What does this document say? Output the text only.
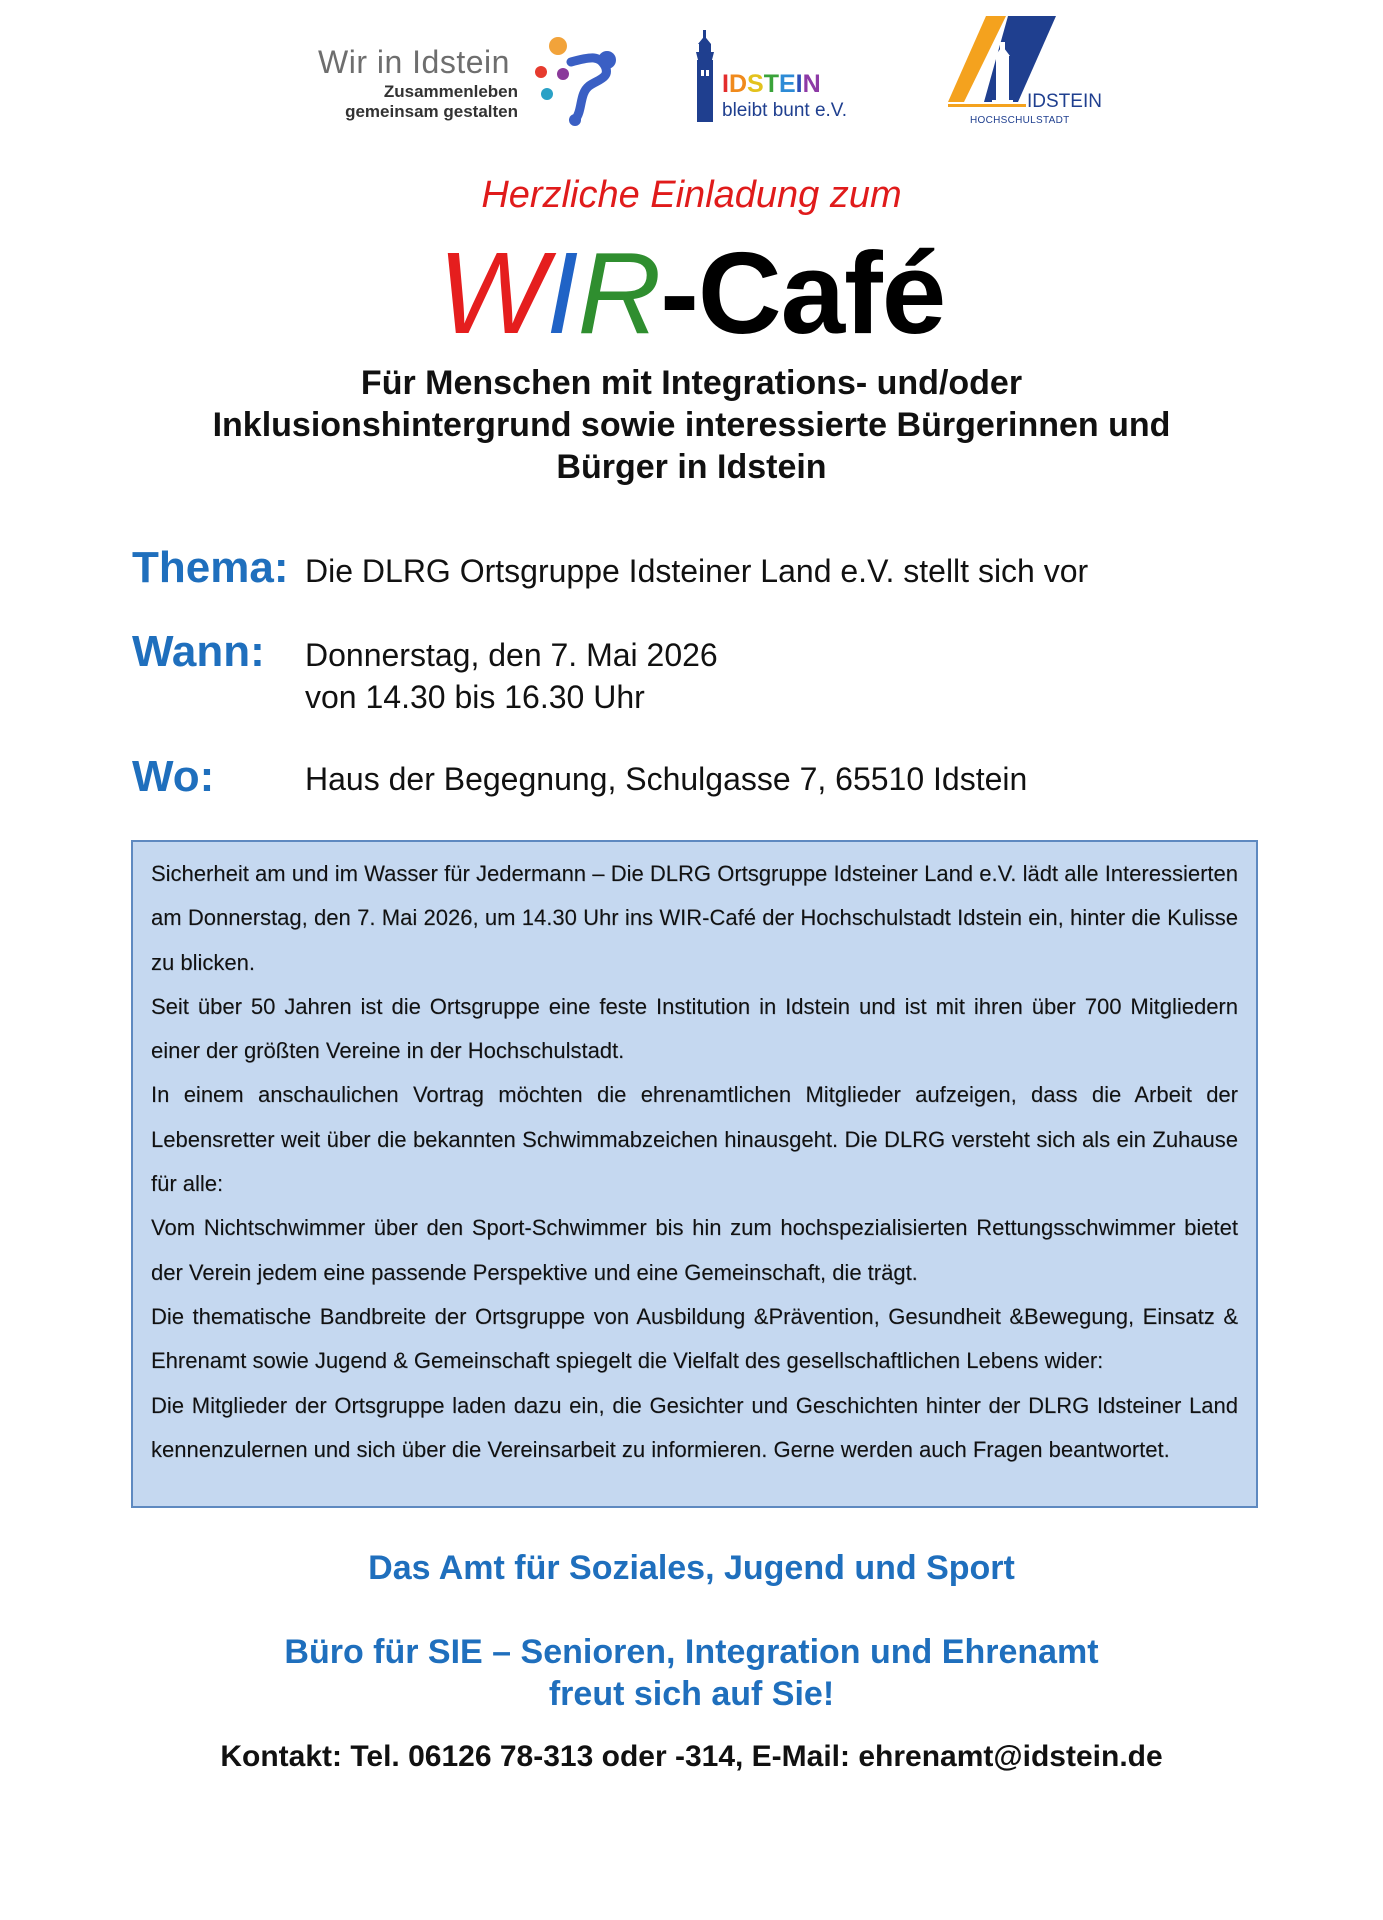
Wir in Idstein
Zusammenleben
gemeinsam gestalten
IDSTEIN
bleibt bunt e.V.	IDSTEIN
HOCHSCHULSTADT
Herzliche Einladung zum
WIR-Café
Für Menschen mit Integrations- und/oder
Inklusionshintergrund sowie interessierte Bürgerinnen und
Bürger in Idstein
Thema: Die DLRG Ortsgruppe Idsteiner Land e.V. stellt sich vor
Wann: Donnerstag, den 7. Mai 2026
von 14.30 bis 16.30 Uhr
Wo:	Haus der Begegnung, Schulgasse 7, 65510 Idstein

Sicherheit am und im Wasser für Jedermann – Die DLRG Ortsgruppe Idsteiner Land e.V. lädt alle Interessierten am Donnerstag, den 7. Mai 2026, um 14.30 Uhr ins WIR-Café der Hochschulstadt Idstein ein, hinter die Kulisse zu blicken.

Seit über 50 Jahren ist die Ortsgruppe eine feste Institution in Idstein und ist mit ihren über 700 Mitgliedern einer der größten Vereine in der Hochschulstadt.

In einem anschaulichen Vortrag möchten die ehrenamtlichen Mitglieder aufzeigen, dass die Arbeit der Lebensretter weit über die bekannten Schwimmabzeichen hinausgeht. Die DLRG versteht sich als ein Zuhause für alle:

Vom Nichtschwimmer über den Sport-Schwimmer bis hin zum hochspezialisierten Rettungsschwimmer bietet der Verein jedem eine passende Perspektive und eine Gemeinschaft, die trägt.

Die thematische Bandbreite der Ortsgruppe von Ausbildung &Prävention, Gesundheit &Bewegung, Einsatz & Ehrenamt sowie Jugend & Gemeinschaft spiegelt die Vielfalt des gesellschaftlichen Lebens wider:

Die Mitglieder der Ortsgruppe laden dazu ein, die Gesichter und Geschichten hinter der DLRG Idsteiner Land kennenzulernen und sich über die Vereinsarbeit zu informieren. Gerne werden auch Fragen beantwortet.

Das Amt für Soziales, Jugend und Sport
Büro für SIE – Senioren, Integration und Ehrenamt
freut sich auf Sie!
Kontakt: Tel. 06126 78-313 oder -314, E-Mail: ehrenamt@idstein.de
